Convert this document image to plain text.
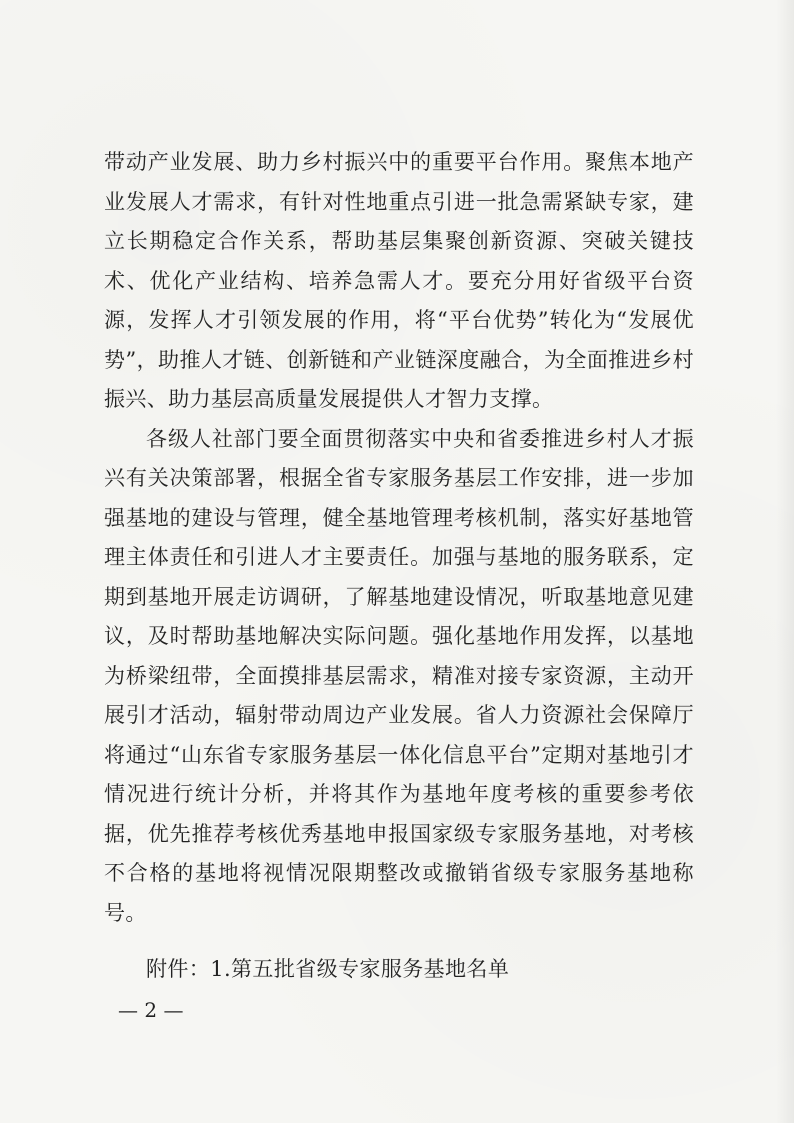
带动产业发展、助力乡村振兴中的重要平台作用。聚焦本地产业发展人才需求，有针对性地重点引进一批急需紧缺专家，建立长期稳定合作关系，帮助基层集聚创新资源、突破关键技术、优化产业结构、培养急需人才。要充分用好省级平台资源，发挥人才引领发展的作用，将“平台优势”转化为“发展优势”，助推人才链、创新链和产业链深度融合，为全面推进乡村振兴、助力基层高质量发展提供人才智力支撑。

各级人社部门要全面贯彻落实中央和省委推进乡村人才振兴有关决策部署，根据全省专家服务基层工作安排，进一步加强基地的建设与管理，健全基地管理考核机制，落实好基地管理主体责任和引进人才主要责任。加强与基地的服务联系，定期到基地开展走访调研，了解基地建设情况，听取基地意见建议，及时帮助基地解决实际问题。强化基地作用发挥，以基地为桥梁纽带，全面摸排基层需求，精准对接专家资源，主动开展引才活动，辐射带动周边产业发展。省人力资源社会保障厅将通过“山东省专家服务基层一体化信息平台”定期对基地引才情况进行统计分析，并将其作为基地年度考核的重要参考依据，优先推荐考核优秀基地申报国家级专家服务基地，对考核不合格的基地将视情况限期整改或撤销省级专家服务基地称号。

附件：1.第五批省级专家服务基地名单
— 2 —
